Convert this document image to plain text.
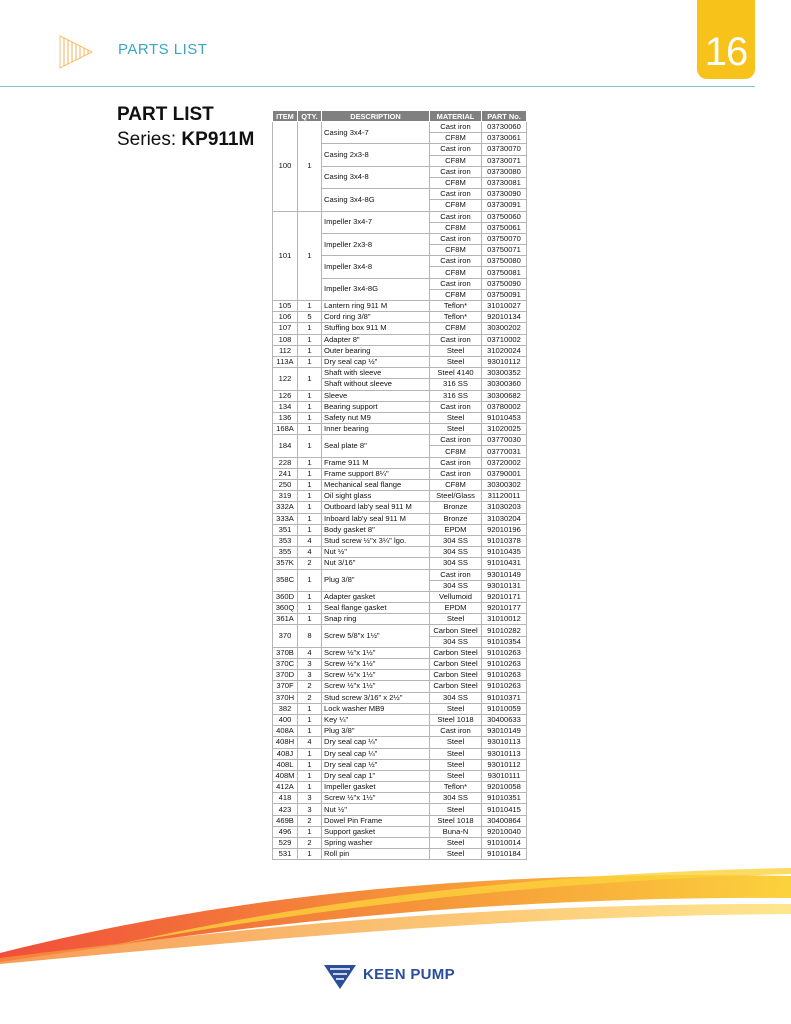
PARTS LIST	16
PART LIST
Series: KP911M
ITEM	QTY.	DESCRIPTION	MATERIAL	PART No.
100	1	Casing 3x4-7	Cast iron	03730060
			CF8M	03730061
		Casing 2x3-8	Cast iron	03730070
			CF8M	03730071
		Casing 3x4-8	Cast iron	03730080
			CF8M	03730081
		Casing 3x4-8G	Cast iron	03730090
			CF8M	03730091
101	1	Impeller 3x4-7	Cast iron	03750060
			CF8M	03750061
		Impeller 2x3-8	Cast iron	03750070
			CF8M	03750071
		Impeller 3x4-8	Cast iron	03750080
			CF8M	03750081
		Impeller 3x4-8G	Cast iron	03750090
			CF8M	03750091
105	1	Lantern ring 911 M	Teflon*	31010027
106	5	Cord ring 3/8"	Teflon*	92010134
107	1	Stuffing box 911 M	CF8M	30300202
108	1	Adapter 8"	Cast iron	03710002
112	1	Outer bearing	Steel	31020024
113A	1	Dry seal cap ½"	Steel	93010112
122	1	Shaft with sleeve	Steel 4140	30300352
		Shaft without sleeve	316 SS	30300360
126	1	Sleeve	316 SS	30300682
134	1	Bearing support	Cast iron	03780002
136	1	Safety nut M9	Steel	91010453
168A	1	Inner bearing	Steel	31020025
184	1	Seal plate 8"	Cast iron	03770030
			CF8M	03770031
228	1	Frame 911 M	Cast iron	03720002
241	1	Frame support 8¼"	Cast iron	03790001
250	1	Mechanical seal flange	CF8M	30300302
319	1	Oil sight glass	Steel/Glass	31120011
332A	1	Outboard lab'y seal 911 M	Bronze	31030203
333A	1	Inboard lab'y seal 911 M	Bronze	31030204
351	1	Body gasket 8"	EPDM	92010196
353	4	Stud screw ½"x 3¼" lgo.	304 SS	91010378
355	4	Nut ½"	304 SS	91010435
357K	2	Nut 3/16"	304 SS	91010431
358C	1	Plug 3/8"	Cast iron	93010149
			304 SS	93010131
360D	1	Adapter gasket	Vellumoid	92010171
360Q	1	Seal flange gasket	EPDM	92010177
361A	1	Snap ring	Steel	31010012
370	8	Screw 5/8"x 1½"	Carbon Steel	91010282
			304 SS	91010354
370B	4	Screw ½"x 1½"	Carbon Steel	91010263
370C	3	Screw ½"x 1½"	Carbon Steel	91010263
370D	3	Screw ½"x 1½"	Carbon Steel	91010263
370F	2	Screw ½"x 1½"	Carbon Steel	91010263
370H	2	Stud screw 3/16" x 2½"	304 SS	91010371
382	1	Lock washer MB9	Steel	91010059
400	1	Key ¼"	Steel 1018	30400633
408A	1	Plug 3/8"	Cast iron	93010149
408H	4	Dry seal cap ¼"	Steel	93010113
408J	1	Dry seal cap ¼"	Steel	93010113
408L	1	Dry seal cap ½"	Steel	93010112
408M	1	Dry seal cap 1"	Steel	93010111
412A	1	Impeller gasket	Teflon*	92010058
418	3	Screw ½"x 1½"	304 SS	91010351
423	3	Nut ½"	Steel	91010415
469B	2	Dowel Pin Frame	Steel 1018	30400864
496	1	Support gasket	Buna-N	92010040
529	2	Spring washer	Steel	91010014
531	1	Roll pin	Steel	91010184
KEEN PUMP
